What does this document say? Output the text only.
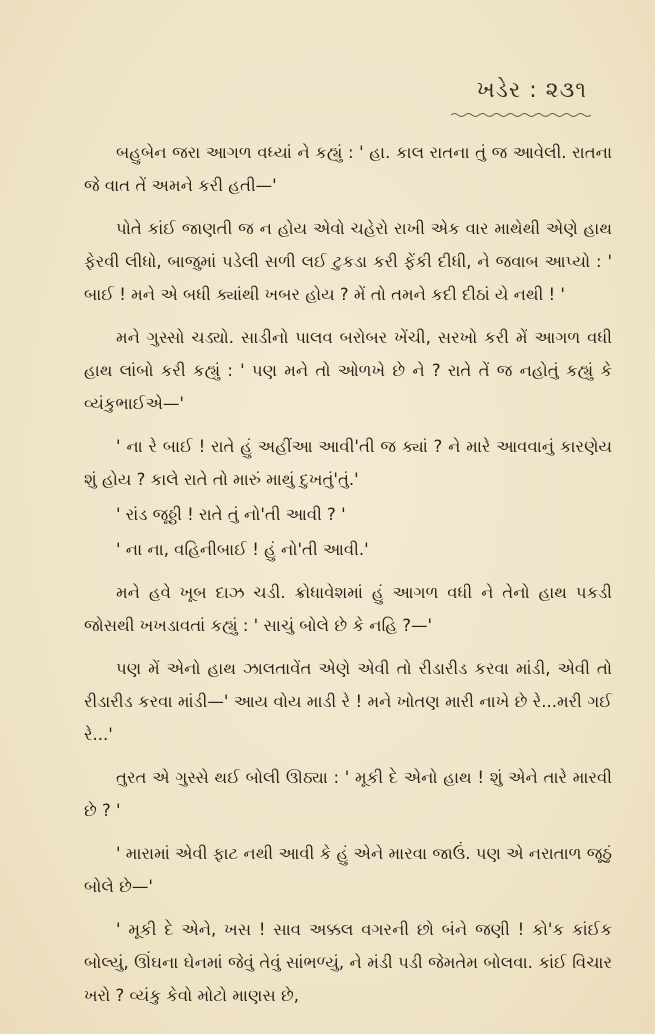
ખડેર : ૨૩૧

બહુબેન જરા આગળ વધ્યાં ને કહ્યું : ' હા. કાલ રાતના તું જ આવેલી. રાતના જે વાત તેં અમને કરી હતી—'

પોતે કાંઈ જાણતી જ ન હોય એવો ચહેરો રાખી એક વાર માથેથી એણે હાથ ફેરવી લીધો, બાજુમાં પડેલી સળી લઈ ટુકડા કરી ફેંકી દીધી, ને જવાબ આપ્યો : ' બાઈ ! મને એ બધી ક્યાંથી ખબર હોય ? મેં તો તમને કદી દીઠાં યે નથી ! '

મને ગુસ્સો ચડ્યો. સાડીનો પાલવ બરોબર ખેંચી, સરખો કરી મેં આગળ વધી હાથ લાંબો કરી કહ્યું : ' પણ મને તો ઓળખે છે ને ? રાતે તેં જ નહોતું કહ્યું કે વ્યંકુભાઈએ—'

' ના રે બાઈ ! રાતે હું અહીંઆ આવી'તી જ ક્યાં ? ને મારે આવવાનું કારણેય શું હોય ? કાલે રાતે તો મારું માથું દુખતું'તું.'

' રાંડ જૂઠ્ઠી ! રાતે તું નો'તી આવી ? '

' ના ના, વહિનીબાઈ ! હું નો'તી આવી.'

મને હવે ખૂબ દાઝ ચડી. ક્રોધાવેશમાં હું આગળ વધી ને તેનો હાથ પકડી જોસથી ખખડાવતાં કહ્યું : ' સાચું બોલે છે કે નહિ ?—'

પણ મેં એનો હાથ ઝાલતાવેંત એણે એવી તો રીડારીડ કરવા માંડી, એવી તો રીડારીડ કરવા માંડી—' આય વોય માડી રે ! મને ખોતણ મારી નાખે છે રે...મરી ગઈ રે...'

તુરત એ ગુસ્સે થઈ બોલી ઊઠ્યા : ' મૂકી દે એનો હાથ ! શું એને તારે મારવી છે ? '

' મારામાં એવી ફાટ નથી આવી કે હું એને મારવા જાઉં. પણ એ નરાતાળ જૂઠું બોલે છે—'

' મૂકી દે એને, ખસ ! સાવ અક્કલ વગરની છો બંને જણી ! કો'ક કાંઈક બોલ્યું, ઊંઘના ઘેનમાં જેવું તેવું સાંભળ્યું, ને મંડી પડી જેમતેમ બોલવા. કાંઈ વિચાર ખરો ? વ્યંકુ કેવો મોટો માણસ છે,
